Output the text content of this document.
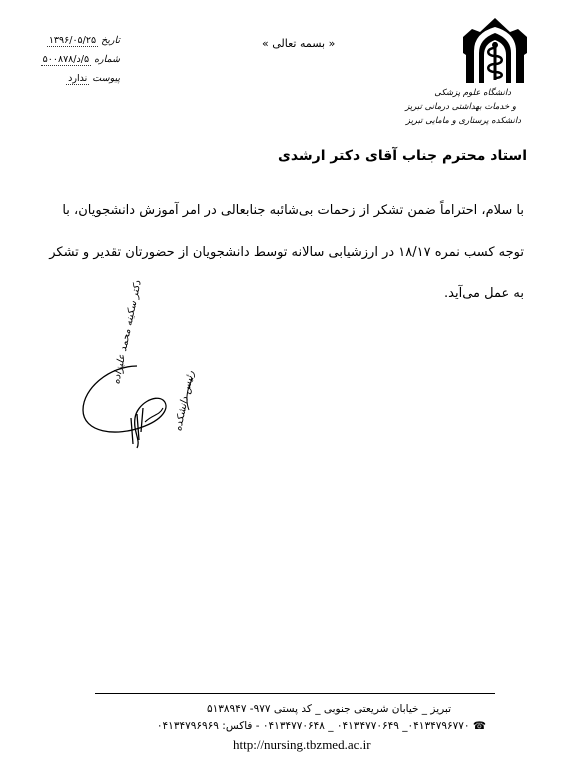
تاریخ ۱۳۹۶/۰۵/۲۵
شماره ۵/د/۵۰۰۸۷۸
پیوست ندارد
« بسمه تعالی »
دانشگاه علوم پزشکی
و خدمات بهداشتی درمانی تبریز
دانشکده پرستاری و مامایی تبریز
استاد محترم جناب آقای دکتر ارشدی
با سلام، احتراماً ضمن تشکر از زحمات بی‌شائبه جنابعالی در امر آموزش دانشجویان، با
توجه کسب نمره ۱۸/۱۷ در ارزشیابی سالانه توسط دانشجویان از حضورتان تقدیر و تشکر
به عمل می‌آید.
دکتر سکینه محمد علیزاده
رئیس دانشکده
تبریز _ خیابان شریعتی جنوبی _ کد پستی ۹۷۷- ۵۱۳۸۹۴۷
☎ ۰۴۱۳۴۷۹۶۷۷۰_ ۰۴۱۳۴۷۷۰۶۴۹ _ ۰۴۱۳۴۷۷۰۶۴۸ - فاکس: ۰۴۱۳۴۷۹۶۹۶۹
http://nursing.tbzmed.ac.ir
